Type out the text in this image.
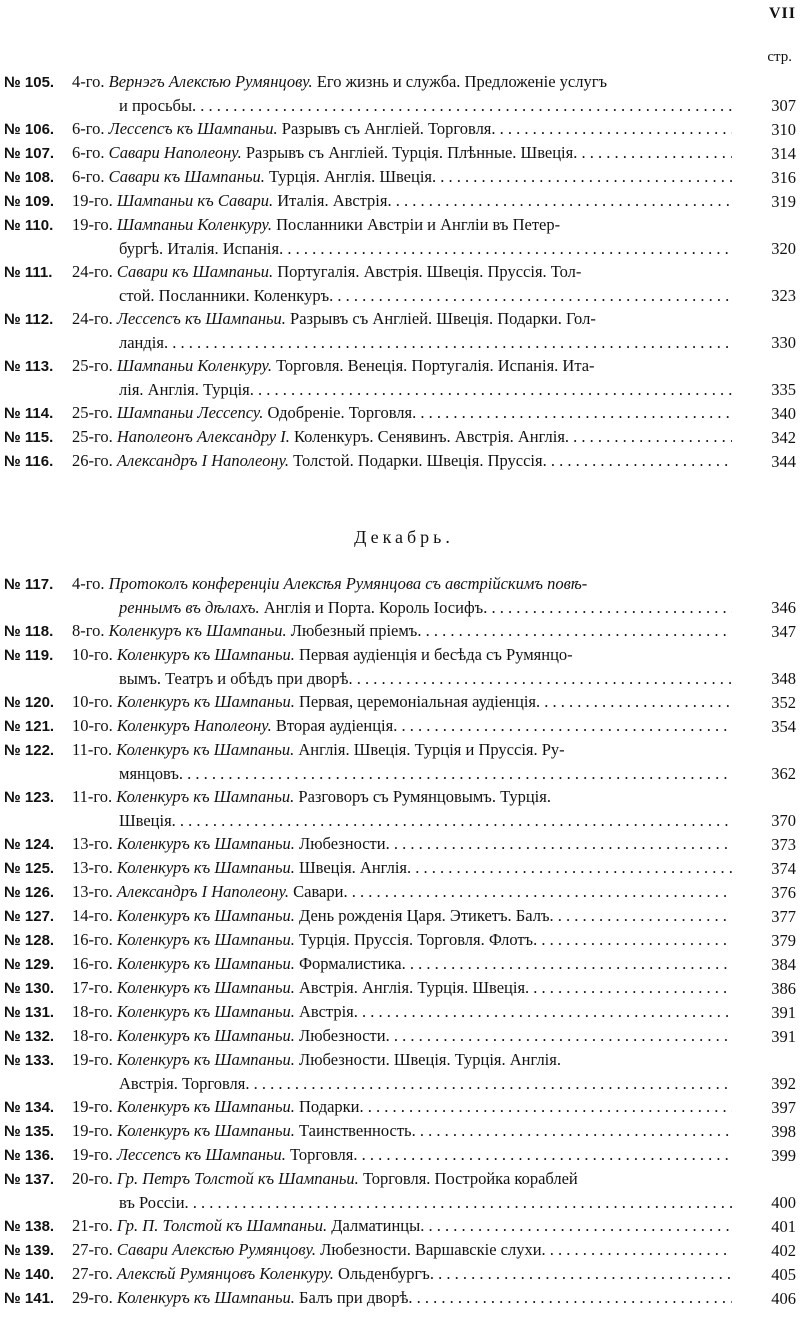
VII
стр.
№ 105.	4-го. Вернэгъ Алексѣю Румянцову. Его жизнь и служба. Предложеніе услугъ
и просьбы . . .	307
№ 106.	6-го. Лессепсъ къ Шампаньи. Разрывъ съ Англіей. Торговля . . .	310
№ 107.	6-го. Савари Наполеону. Разрывъ съ Англіей. Турція. Плѣнные. Швеція . . .	314
№ 108.	6-го. Савари къ Шампаньи. Турція. Англія. Швеція . . .	316
№ 109.	19-го. Шампаньи къ Савари. Италія. Австрія . . .	319
№ 110.	19-го. Шампаньи Коленкуру. Посланники Австріи и Англіи въ Петер-
бургѣ. Италія. Испанія . . .	320
№ 111.	24-го. Савари къ Шампаньи. Португалія. Австрія. Швеція. Пруссія. Тол-
стой. Посланники. Коленкуръ . . .	323
№ 112.	24-го. Лессепсъ къ Шампаньи. Разрывъ съ Англіей. Швеція. Подарки. Гол-
ландія . . .	330
№ 113.	25-го. Шампаньи Коленкуру. Торговля. Венеція. Португалія. Испанія. Ита-
лія. Англія. Турція . . .	335
№ 114.	25-го. Шампаньи Лессепсу. Одобреніе. Торговля . . .	340
№ 115.	25-го. Наполеонъ Александру I. Коленкуръ. Сенявинъ. Австрія. Англія . . .	342
№ 116.	26-го. Александръ I Наполеону. Толстой. Подарки. Швеція. Пруссія . . .	344
Декабрь.
№ 117.	4-го. Протоколъ конференціи Алексѣя Румянцова съ австрійскимъ повѣ-
реннымъ въ дѣлахъ. Англія и Порта. Король Іосифъ . . .	346
№ 118.	8-го. Коленкуръ къ Шампаньи. Любезный пріемъ . . .	347
№ 119.	10-го. Коленкуръ къ Шампаньи. Первая аудіенція и бесѣда съ Румянцо-
вымъ. Театръ и обѣдъ при дворѣ . . .	348
№ 120.	10-го. Коленкуръ къ Шампаньи. Первая, церемоніальная аудіенція . . .	352
№ 121.	10-го. Коленкуръ Наполеону. Вторая аудіенція . . .	354
№ 122.	11-го. Коленкуръ къ Шампаньи. Англія. Швеція. Турція и Пруссія. Ру-
мянцовъ . . .	362
№ 123.	11-го. Коленкуръ къ Шампаньи. Разговоръ съ Румянцовымъ. Турція.
Швеція . . .	370
№ 124.	13-го. Коленкуръ къ Шампаньи. Любезности . . .	373
№ 125.	13-го. Коленкуръ къ Шампаньи. Швеція. Англія . . .	374
№ 126.	13-го. Александръ I Наполеону. Савари . . .	376
№ 127.	14-го. Коленкуръ къ Шампаньи. День рожденія Царя. Этикетъ. Балъ . . .	377
№ 128.	16-го. Коленкуръ къ Шампаньи. Турція. Пруссія. Торговля. Флотъ . . .	379
№ 129.	16-го. Коленкуръ къ Шампаньи. Формалистика . . .	384
№ 130.	17-го. Коленкуръ къ Шампаньи. Австрія. Англія. Турція. Швеція . . .	386
№ 131.	18-го. Коленкуръ къ Шампаньи. Австрія . . .	391
№ 132.	18-го. Коленкуръ къ Шампаньи. Любезности . . .	391
№ 133.	19-го. Коленкуръ къ Шампаньи. Любезности. Швеція. Турція. Англія.
Австрія. Торговля . . .	392
№ 134.	19-го. Коленкуръ къ Шампаньи. Подарки . . .	397
№ 135.	19-го. Коленкуръ къ Шампаньи. Таинственность . . .	398
№ 136.	19-го. Лессепсъ къ Шампаньи. Торговля . . .	399
№ 137.	20-го. Гр. Петръ Толстой къ Шампаньи. Торговля. Постройка кораблей
въ Россіи . . .	400
№ 138.	21-го. Гр. П. Толстой къ Шампаньи. Далматинцы . . .	401
№ 139.	27-го. Савари Алексѣю Румянцову. Любезности. Варшавскіе слухи . . .	402
№ 140.	27-го. Алексѣй Румянцовъ Коленкуру. Ольденбургъ . . .	405
№ 141.	29-го. Коленкуръ къ Шампаньи. Балъ при дворѣ . . .	406
